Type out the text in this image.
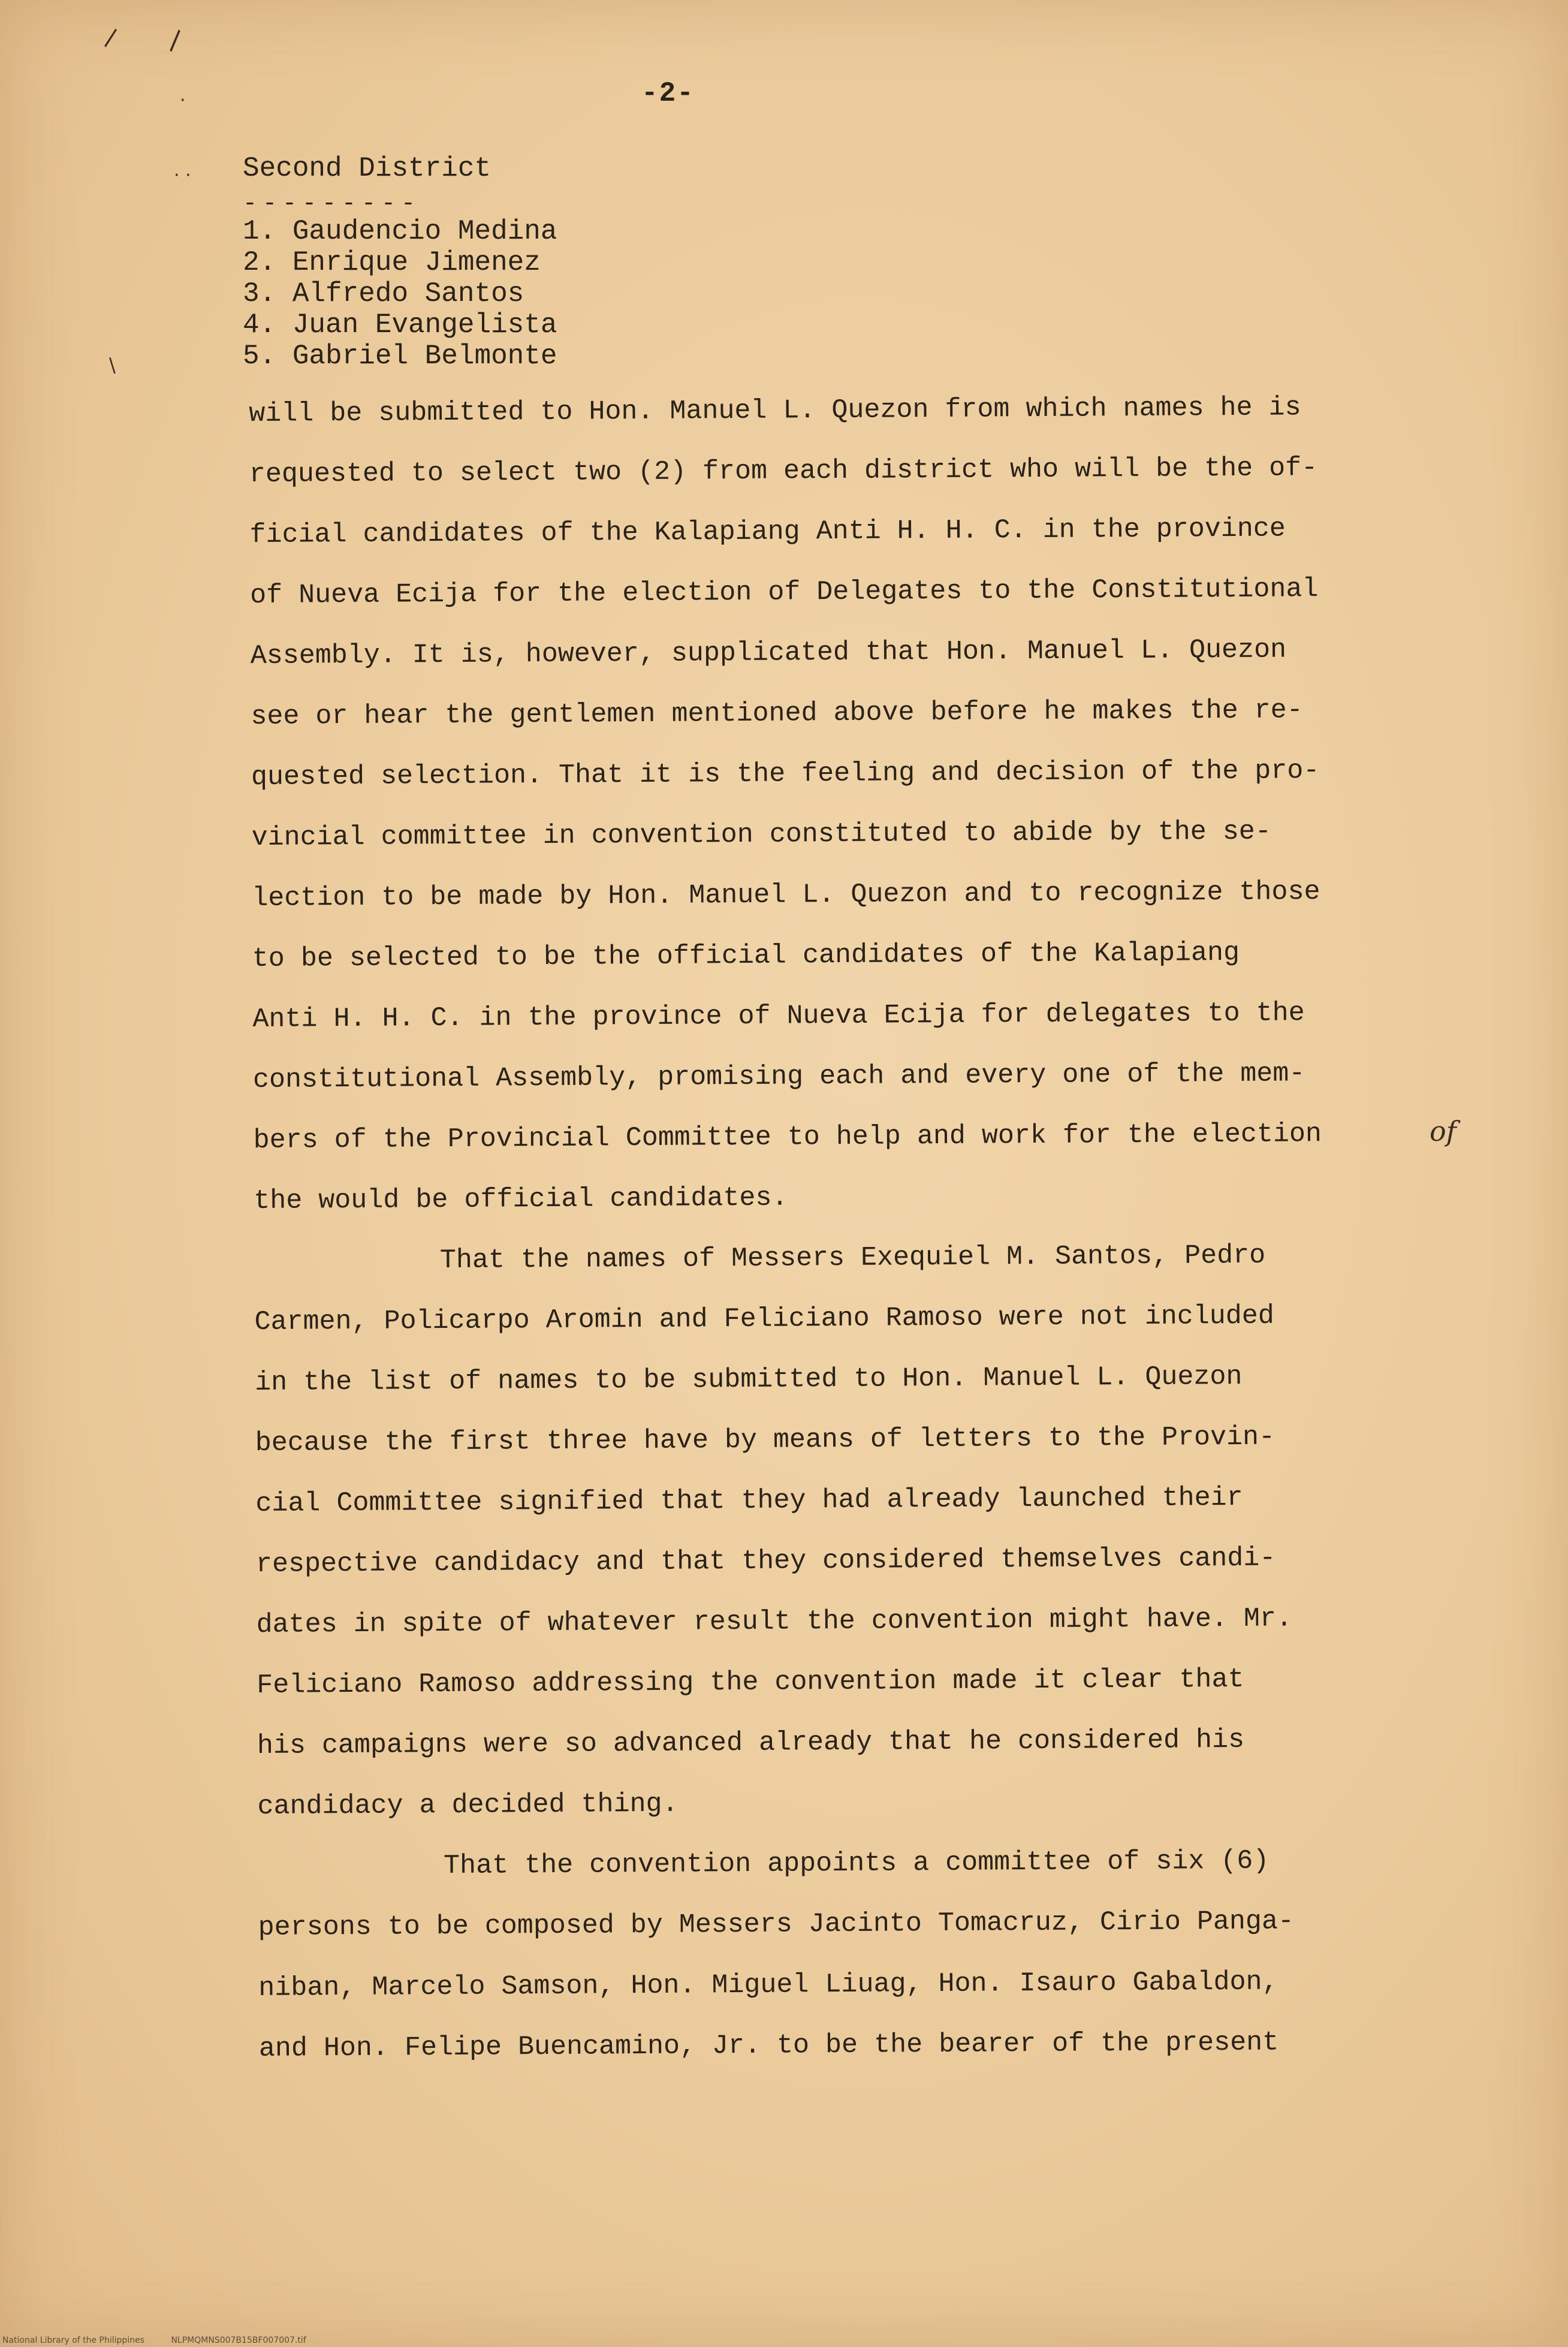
\ \
·
· ·
\
-2-
Second District
---------
1. Gaudencio Medina
2. Enrique Jimenez
3. Alfredo Santos
4. Juan Evangelista
5. Gabriel Belmonte
will be submitted to Hon. Manuel L. Quezon from which names he is
requested to select two (2) from each district who will be the of-
ficial candidates of the Kalapiang Anti H. H. C. in the province
of Nueva Ecija for the election of Delegates to the Constitutional
Assembly. It is, however, supplicated that Hon. Manuel L. Quezon
see or hear the gentlemen mentioned above before he makes the re-
quested selection. That it is the feeling and decision of the pro-
vincial committee in convention constituted to abide by the se-
lection to be made by Hon. Manuel L. Quezon and to recognize those
to be selected to be the official candidates of the Kalapiang
Anti H. H. C. in the province of Nueva Ecija for delegates to the
constitutional Assembly, promising each and every one of the mem-
bers of the Provincial Committee to help and work for the election
the would be official candidates.
That the names of Messers Exequiel M. Santos, Pedro
Carmen, Policarpo Aromin and Feliciano Ramoso were not included
in the list of names to be submitted to Hon. Manuel L. Quezon
because the first three have by means of letters to the Provin-
cial Committee signified that they had already launched their
respective candidacy and that they considered themselves candi-
dates in spite of whatever result the convention might have. Mr.
Feliciano Ramoso addressing the convention made it clear that
his campaigns were so advanced already that he considered his
candidacy a decided thing.
That the convention appoints a committee of six (6)
persons to be composed by Messers Jacinto Tomacruz, Cirio Panga-
niban, Marcelo Samson, Hon. Miguel Liuag, Hon. Isauro Gabaldon,
and Hon. Felipe Buencamino, Jr. to be the bearer of the present
of
National Library of the Philippines	NLPMQMNS007B15BF007007.tif
